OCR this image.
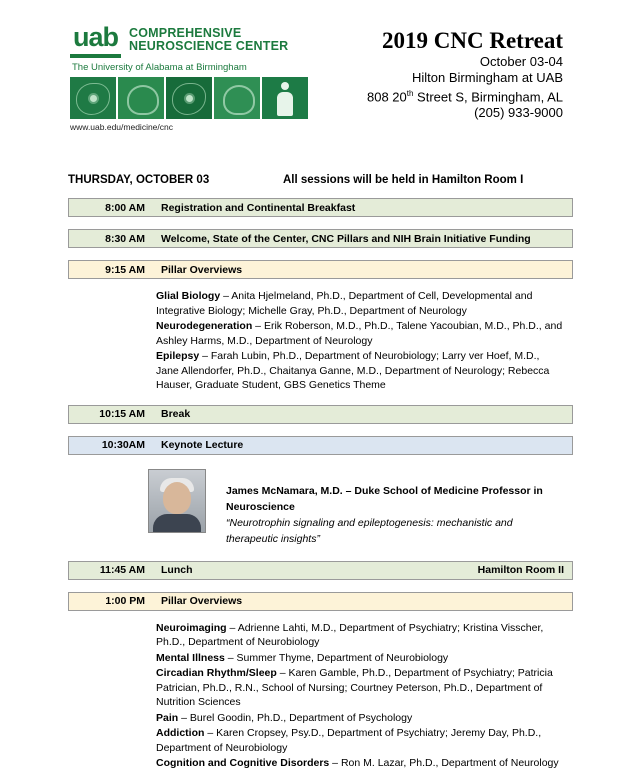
uab COMPREHENSIVE
NEUROSCIENCE CENTER
The University of Alabama at Birmingham
www.uab.edu/medicine/cnc
2019 CNC Retreat
October 03-04
Hilton Birmingham at UAB
808 20th Street S, Birmingham, AL
(205) 933-9000
THURSDAY, OCTOBER 03	All sessions will be held in Hamilton Room I
8:00 AM	Registration and Continental Breakfast
8:30 AM	Welcome, State of the Center, CNC Pillars and NIH Brain Initiative Funding
9:15 AM	Pillar Overviews

Glial Biology – Anita Hjelmeland, Ph.D., Department of Cell, Developmental and Integrative Biology; Michelle Gray, Ph.D., Department of Neurology

Neurodegeneration – Erik Roberson, M.D., Ph.D., Talene Yacoubian, M.D., Ph.D., and Ashley Harms, M.D., Department of Neurology

Epilepsy – Farah Lubin, Ph.D., Department of Neurobiology; Larry ver Hoef, M.D., Jane Allendorfer, Ph.D., Chaitanya Ganne, M.D., Department of Neurology; Rebecca Hauser, Graduate Student, GBS Genetics Theme

10:15 AM	Break
10:30AM	Keynote Lecture
James McNamara, M.D. – Duke School of Medicine Professor in Neuroscience
“Neurotrophin signaling and epileptogenesis: mechanistic and therapeutic insights”
11:45 AM	Lunch	Hamilton Room II
1:00 PM	Pillar Overviews

Neuroimaging – Adrienne Lahti, M.D., Department of Psychiatry; Kristina Visscher, Ph.D., Department of Neurobiology

Mental Illness – Summer Thyme, Department of Neurobiology

Circadian Rhythm/Sleep – Karen Gamble, Ph.D., Department of Psychiatry; Patricia Patrician, Ph.D., R.N., School of Nursing; Courtney Peterson, Ph.D., Department of Nutrition Sciences

Pain – Burel Goodin, Ph.D., Department of Psychology

Addiction – Karen Cropsey, Psy.D., Department of Psychiatry; Jeremy Day, Ph.D., Department of Neurobiology

Cognition and Cognitive Disorders – Ron M. Lazar, Ph.D., Department of Neurology
